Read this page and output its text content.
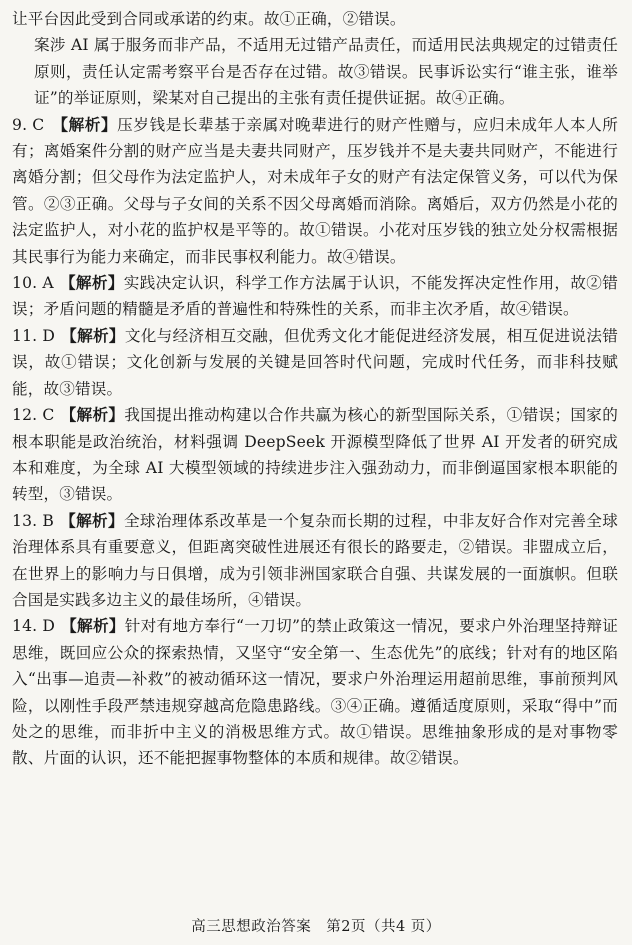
让平台因此受到合同或承诺的约束。故①正确，②错误。

案涉 AI 属于服务而非产品，不适用无过错产品责任，而适用民法典规定的过错责任原则，责任认定需考察平台是否存在过错。故③错误。民事诉讼实行“谁主张，谁举证”的举证原则，梁某对自己提出的主张有责任提供证据。故④正确。

9. C 【解析】压岁钱是长辈基于亲属对晚辈进行的财产性赠与，应归未成年人本人所有；离婚案件分割的财产应当是夫妻共同财产，压岁钱并不是夫妻共同财产，不能进行离婚分割；但父母作为法定监护人，对未成年子女的财产有法定保管义务，可以代为保管。②③正确。父母与子女间的关系不因父母离婚而消除。离婚后，双方仍然是小花的法定监护人，对小花的监护权是平等的。故①错误。小花对压岁钱的独立处分权需根据其民事行为能力来确定，而非民事权利能力。故④错误。

10. A 【解析】实践决定认识，科学工作方法属于认识，不能发挥决定性作用，故②错误；矛盾问题的精髓是矛盾的普遍性和特殊性的关系，而非主次矛盾，故④错误。

11. D 【解析】文化与经济相互交融，但优秀文化才能促进经济发展，相互促进说法错误，故①错误；文化创新与发展的关键是回答时代问题，完成时代任务，而非科技赋能，故③错误。

12. C 【解析】我国提出推动构建以合作共赢为核心的新型国际关系，①错误；国家的根本职能是政治统治，材料强调 DeepSeek 开源模型降低了世界 AI 开发者的研究成本和难度，为全球 AI 大模型领域的持续进步注入强劲动力，而非倒逼国家根本职能的转型，③错误。

13. B 【解析】全球治理体系改革是一个复杂而长期的过程，中非友好合作对完善全球治理体系具有重要意义，但距离突破性进展还有很长的路要走，②错误。非盟成立后，在世界上的影响力与日俱增，成为引领非洲国家联合自强、共谋发展的一面旗帜。但联合国是实践多边主义的最佳场所，④错误。

14. D 【解析】针对有地方奉行“一刀切”的禁止政策这一情况，要求户外治理坚持辩证思维，既回应公众的探索热情，又坚守“安全第一、生态优先”的底线；针对有的地区陷入“出事—追责—补救”的被动循环这一情况，要求户外治理运用超前思维，事前预判风险，以刚性手段严禁违规穿越高危隐患路线。③④正确。遵循适度原则，采取“得中”而处之的思维，而非折中主义的消极思维方式。故①错误。思维抽象形成的是对事物零散、片面的认识，还不能把握事物整体的本质和规律。故②错误。

高三思想政治答案　第2页（共4 页）
